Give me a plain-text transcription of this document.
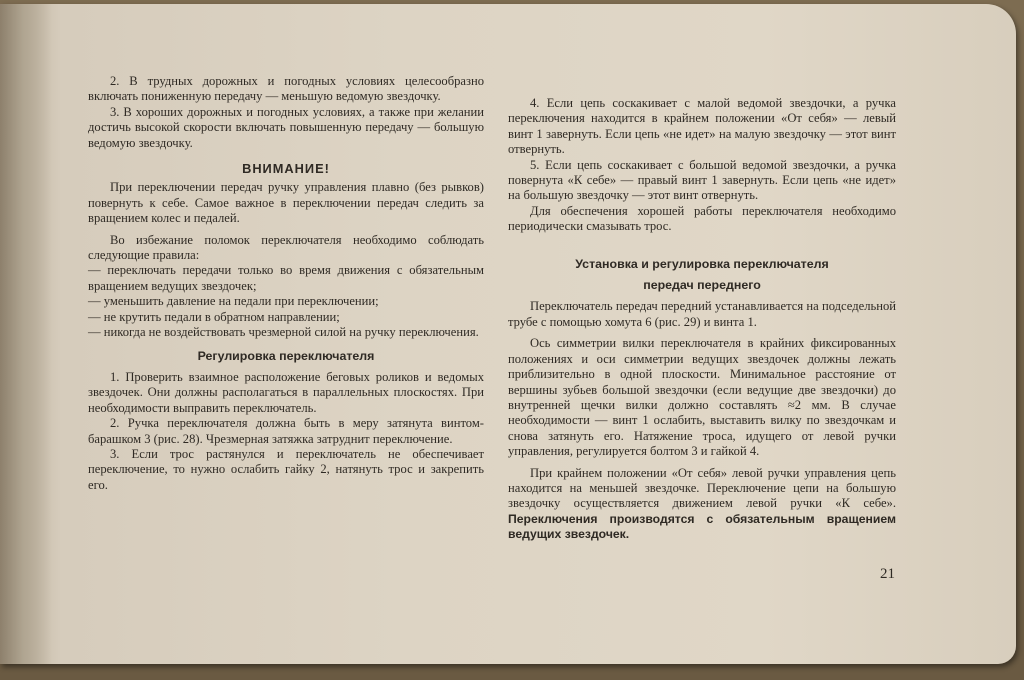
2. В трудных дорожных и погодных условиях целесообразно включать пониженную передачу — меньшую ведомую звездочку.

3. В хороших дорожных и погодных условиях, а также при желании достичь высокой скорости включать повышенную передачу — большую ведомую звездочку.

ВНИМАНИЕ!

При переключении передач ручку управления плавно (без рывков) повернуть к себе. Самое важное в переключении передач следить за вращением колес и педалей.

Во избежание поломок переключателя необходимо соблюдать следующие правила:

— переключать передачи только во время движения с обязательным вращением ведущих звездочек;

— уменьшить давление на педали при переключении;

— не крутить педали в обратном направлении;

— никогда не воздействовать чрезмерной силой на ручку переключения.

Регулировка переключателя

1. Проверить взаимное расположение беговых роликов и ведомых звездочек. Они должны располагаться в параллельных плоскостях. При необходимости выправить переключатель.

2. Ручка переключателя должна быть в меру затянута винтом-барашком 3 (рис. 28). Чрезмерная затяжка затруднит переключение.

3. Если трос растянулся и переключатель не обеспечивает переключение, то нужно ослабить гайку 2, натянуть трос и закрепить его.

4. Если цепь соскакивает с малой ведомой звездочки, а ручка переключения находится в крайнем положении «От себя» — левый винт 1 завернуть. Если цепь «не идет» на малую звездочку — этот винт отвернуть.

5. Если цепь соскакивает с большой ведомой звездочки, а ручка повернута «К себе» — правый винт 1 завернуть. Если цепь «не идет» на большую звездочку — этот винт отвернуть.

Для обеспечения хорошей работы переключателя необходимо периодически смазывать трос.

Установка и регулировка переключателя
передач переднего

Переключатель передач передний устанавливается на подседельной трубе с помощью хомута 6 (рис. 29) и винта 1.

Ось симметрии вилки переключателя в крайних фиксированных положениях и оси симметрии ведущих звездочек должны лежать приблизительно в одной плоскости. Минимальное расстояние от вершины зубьев большой звездочки (если ведущие две звездочки) до внутренней щечки вилки должно составлять ≈2 мм. В случае необходимости — винт 1 ослабить, выставить вилку по звездочкам и снова затянуть его. Натяжение троса, идущего от левой ручки управления, регулируется болтом 3 и гайкой 4.

При крайнем положении «От себя» левой ручки управления цепь находится на меньшей звездочке. Переключение цепи на большую звездочку осуществляется движением левой ручки «К себе». Переключения производятся с обязательным вращением ведущих звездочек.

21
